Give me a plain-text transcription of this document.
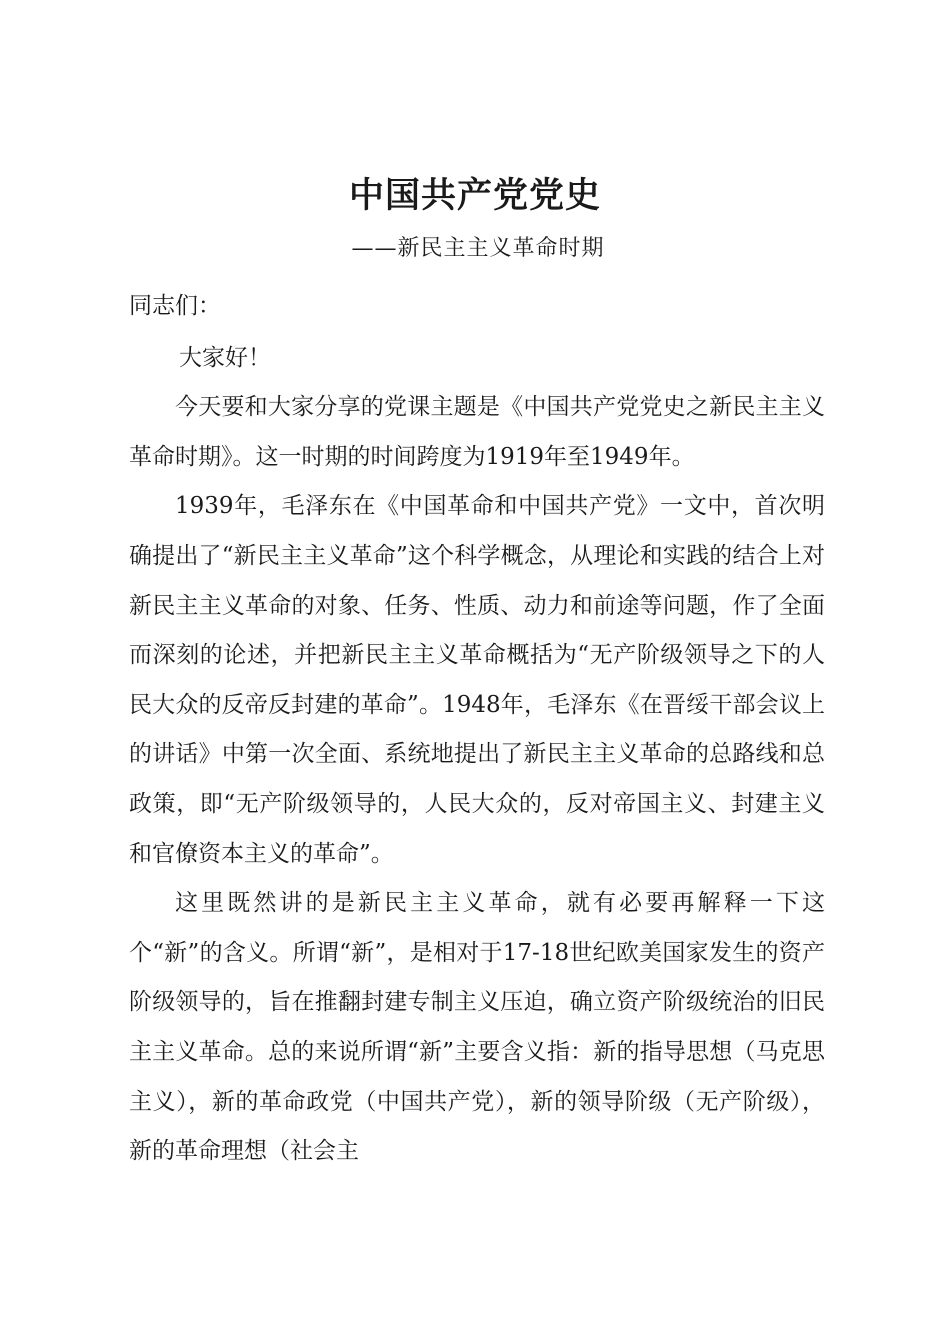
中国共产党党史
——新民主主义革命时期

同志们：

大家好！

今天要和大家分享的党课主题是《中国共产党党史之新民主主义革命时期》。这一时期的时间跨度为1919年至1949年。

1939年，毛泽东在《中国革命和中国共产党》一文中，首次明确提出了“新民主主义革命”这个科学概念，从理论和实践的结合上对新民主主义革命的对象、任务、性质、动力和前途等问题，作了全面而深刻的论述，并把新民主主义革命概括为“无产阶级领导之下的人民大众的反帝反封建的革命”。1948年，毛泽东《在晋绥干部会议上的讲话》中第一次全面、系统地提出了新民主主义革命的总路线和总政策，即“无产阶级领导的，人民大众的，反对帝国主义、封建主义和官僚资本主义的革命”。

这里既然讲的是新民主主义革命，就有必要再解释一下这个“新”的含义。所谓“新”，是相对于17-18世纪欧美国家发生的资产阶级领导的，旨在推翻封建专制主义压迫，确立资产阶级统治的旧民主主义革命。总的来说所谓“新”主要含义指：新的指导思想（马克思主义），新的革命政党（中国共产党），新的领导阶级（无产阶级），新的革命理想（社会主
